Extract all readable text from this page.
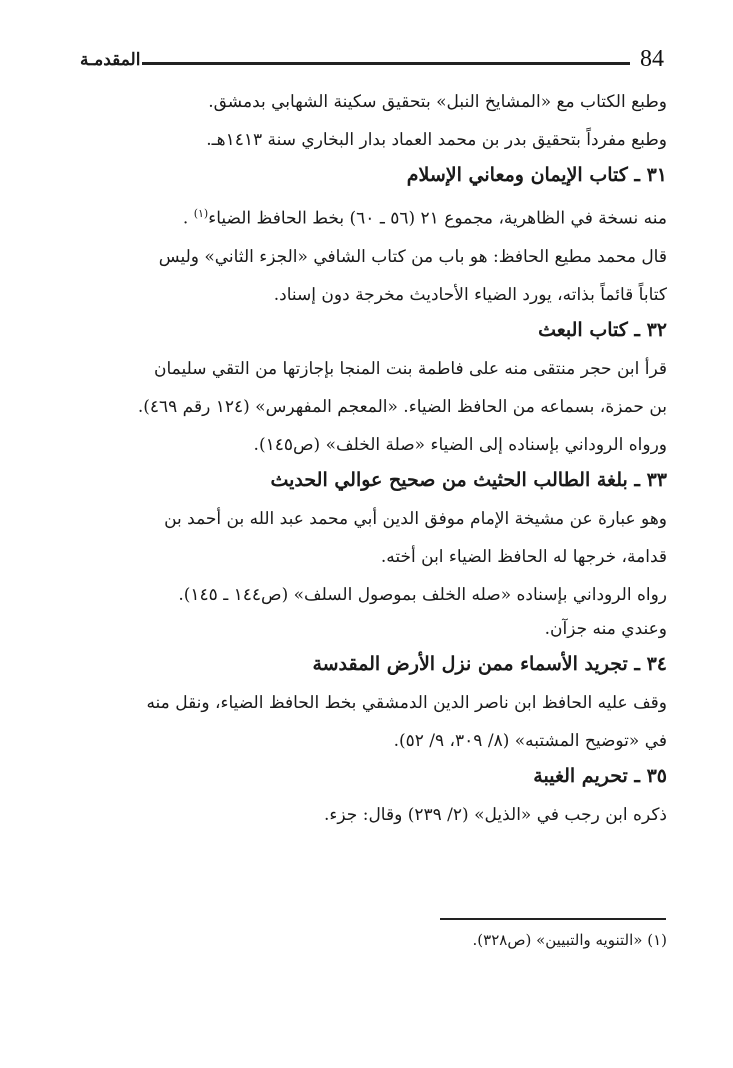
84
المقدمـة
وطبع الكتاب مع «المشايخ النبل» بتحقيق سكينة الشهابي بدمشق.
وطبع مفرداً بتحقيق بدر بن محمد العماد بدار البخاري سنة ١٤١٣هـ.
٣١ ـ كتاب الإيمان ومعاني الإسلام
منه نسخة في الظاهرية، مجموع ٢١ (٥٦ ـ ٦٠) بخط الحافظ الضياء$^{(١)}$ .
قال محمد مطيع الحافظ: هو باب من كتاب الشافي «الجزء الثاني» وليس
كتاباً قائماً بذاته، يورد الضياء الأحاديث مخرجة دون إسناد.
٣٢ ـ كتاب البعث
قرأ ابن حجر منتقى منه على فاطمة بنت المنجا بإجازتها من التقي سليمان
بن حمزة، بسماعه من الحافظ الضياء. «المعجم المفهرس» (١٢٤ رقم ٤٦٩).
ورواه الروداني بإسناده إلى الضياء «صلة الخلف» (ص١٤٥).
٣٣ ـ بلغة الطالب الحثيث من صحيح عوالي الحديث
وهو عبارة عن مشيخة الإمام موفق الدين أبي محمد عبد الله بن أحمد بن
قدامة، خرجها له الحافظ الضياء ابن أخته.
رواه الروداني بإسناده «صله الخلف بموصول السلف» (ص١٤٤ ـ ١٤٥).
وعندي منه جزآن.
٣٤ ـ تجريد الأسماء ممن نزل الأرض المقدسة
وقف عليه الحافظ ابن ناصر الدين الدمشقي بخط الحافظ الضياء، ونقل منه
في «توضيح المشتبه» (٨/ ٣٠٩، ٩/ ٥٢).
٣٥ ـ تحريم الغيبة
ذكره ابن رجب في «الذيل» (٢/ ٢٣٩) وقال: جزء.
(١) «التنويه والتبيين» (ص٣٢٨).
